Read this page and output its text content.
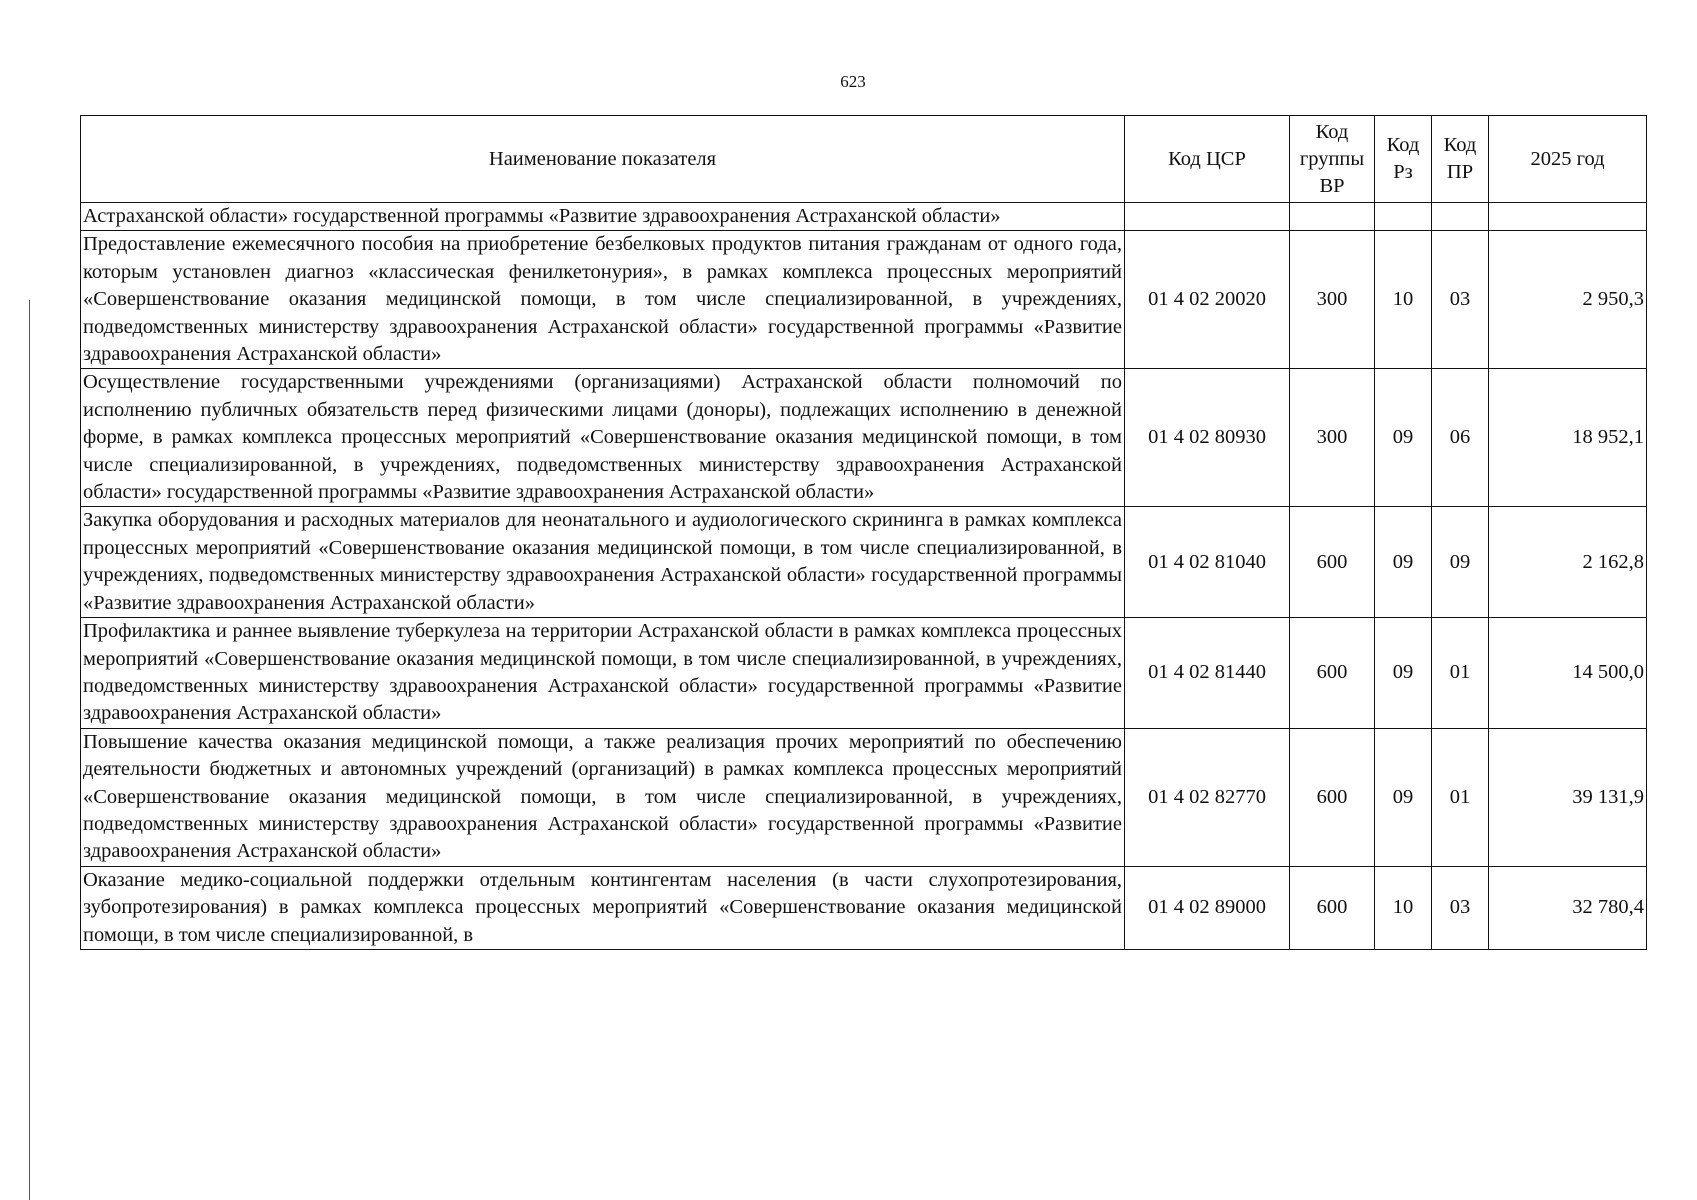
623
Наименование показателя	Код ЦСР	Код группы ВР	Код Рз	Код ПР	2025 год
Астраханской области» государственной программы «Развитие здравоохранения Астраханской области»					
Предоставление ежемесячного пособия на приобретение безбелковых продуктов питания гражданам от одного года, которым установлен диагноз «классическая фенилкетонурия», в рамках комплекса процессных мероприятий «Совершенствование оказания медицинской помощи, в том числе специализированной, в учреждениях, подведомственных министерству здравоохранения Астраханской области» государственной программы «Развитие здравоохранения Астраханской области»	01 4 02 20020	300	10	03	2 950,3
Осуществление государственными учреждениями (организациями) Астраханской области полномочий по исполнению публичных обязательств перед физическими лицами (доноры), подлежащих исполнению в денежной форме, в рамках комплекса процессных мероприятий «Совершенствование оказания медицинской помощи, в том числе специализированной, в учреждениях, подведомственных министерству здравоохранения Астраханской области» государственной программы «Развитие здравоохранения Астраханской области»	01 4 02 80930	300	09	06	18 952,1
Закупка оборудования и расходных материалов для неонатального и аудиологического скрининга в рамках комплекса процессных мероприятий «Совершенствование оказания медицинской помощи, в том числе специализированной, в учреждениях, подведомственных министерству здравоохранения Астраханской области» государственной программы «Развитие здравоохранения Астраханской области»	01 4 02 81040	600	09	09	2 162,8
Профилактика и раннее выявление туберкулеза на территории Астраханской области в рамках комплекса процессных мероприятий «Совершенствование оказания медицинской помощи, в том числе специализированной, в учреждениях, подведомственных министерству здравоохранения Астраханской области» государственной программы «Развитие здравоохранения Астраханской области»	01 4 02 81440	600	09	01	14 500,0
Повышение качества оказания медицинской помощи, а также реализация прочих мероприятий по обеспечению деятельности бюджетных и автономных учреждений (организаций) в рамках комплекса процессных мероприятий «Совершенствование оказания медицинской помощи, в том числе специализированной, в учреждениях, подведомственных министерству здравоохранения Астраханской области» государственной программы «Развитие здравоохранения Астраханской области»	01 4 02 82770	600	09	01	39 131,9
Оказание медико-социальной поддержки отдельным контингентам населения (в части слухопротезирования, зубопротезирования) в рамках комплекса процессных мероприятий «Совершенствование оказания медицинской помощи, в том числе специализированной, в	01 4 02 89000	600	10	03	32 780,4
